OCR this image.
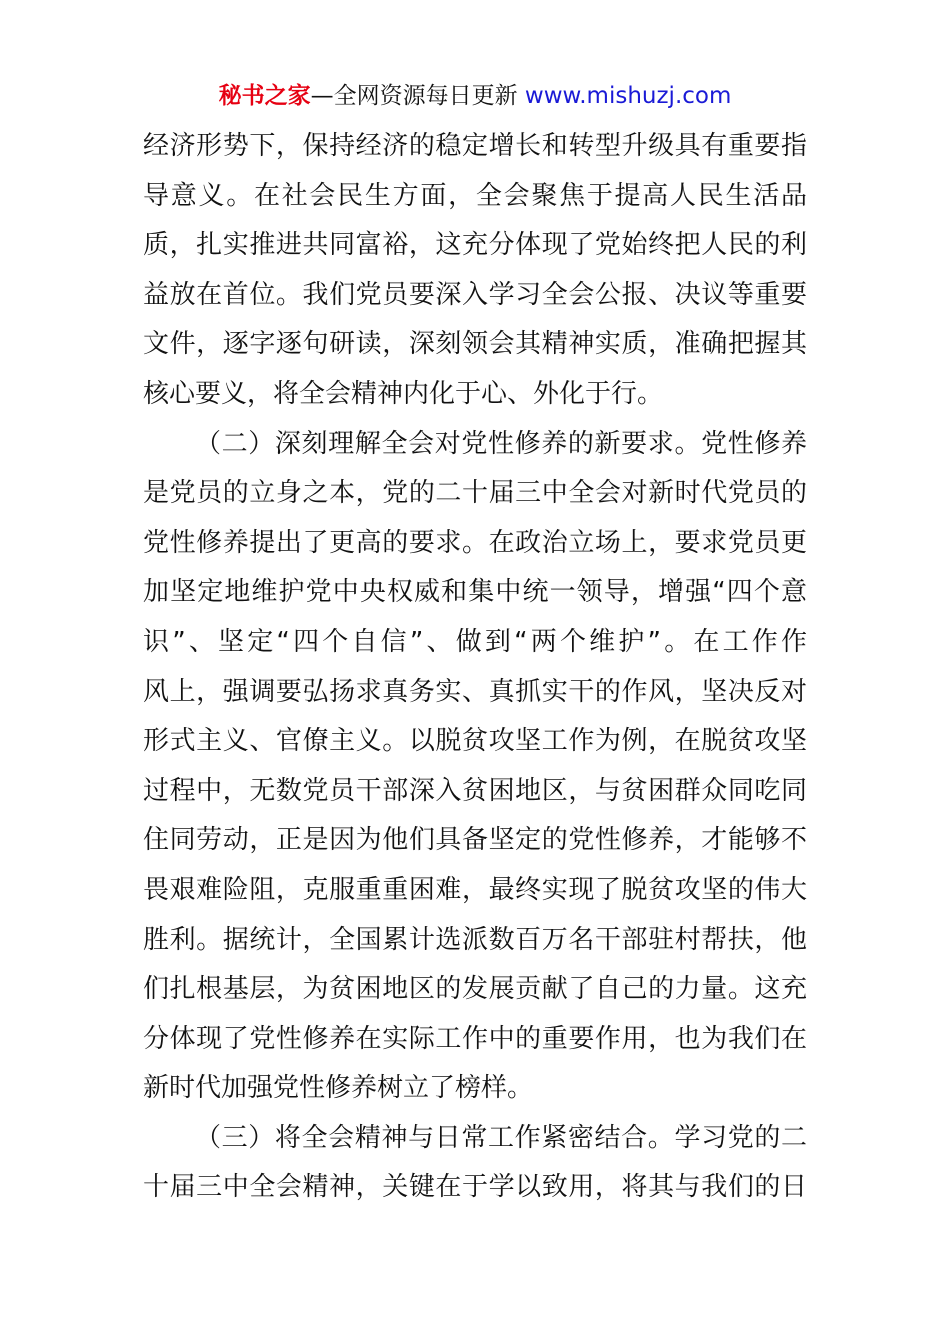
秘书之家—全网资源每日更新 www.mishuzj.com
经济形势下，保持经济的稳定增长和转型升级具有重要指
导意义。在社会民生方面，全会聚焦于提高人民生活品
质，扎实推进共同富裕，这充分体现了党始终把人民的利
益放在首位。我们党员要深入学习全会公报、决议等重要
文件，逐字逐句研读，深刻领会其精神实质，准确把握其
核心要义，将全会精神内化于心、外化于行。
（二）深刻理解全会对党性修养的新要求。党性修养
是党员的立身之本，党的二十届三中全会对新时代党员的
党性修养提出了更高的要求。在政治立场上，要求党员更
加坚定地维护党中央权威和集中统一领导，增强“四个意
识”、坚定“四个自信”、做到“两个维护”。在工作作
风上，强调要弘扬求真务实、真抓实干的作风，坚决反对
形式主义、官僚主义。以脱贫攻坚工作为例，在脱贫攻坚
过程中，无数党员干部深入贫困地区，与贫困群众同吃同
住同劳动，正是因为他们具备坚定的党性修养，才能够不
畏艰难险阻，克服重重困难，最终实现了脱贫攻坚的伟大
胜利。据统计，全国累计选派数百万名干部驻村帮扶，他
们扎根基层，为贫困地区的发展贡献了自己的力量。这充
分体现了党性修养在实际工作中的重要作用，也为我们在
新时代加强党性修养树立了榜样。
（三）将全会精神与日常工作紧密结合。学习党的二
十届三中全会精神，关键在于学以致用，将其与我们的日
